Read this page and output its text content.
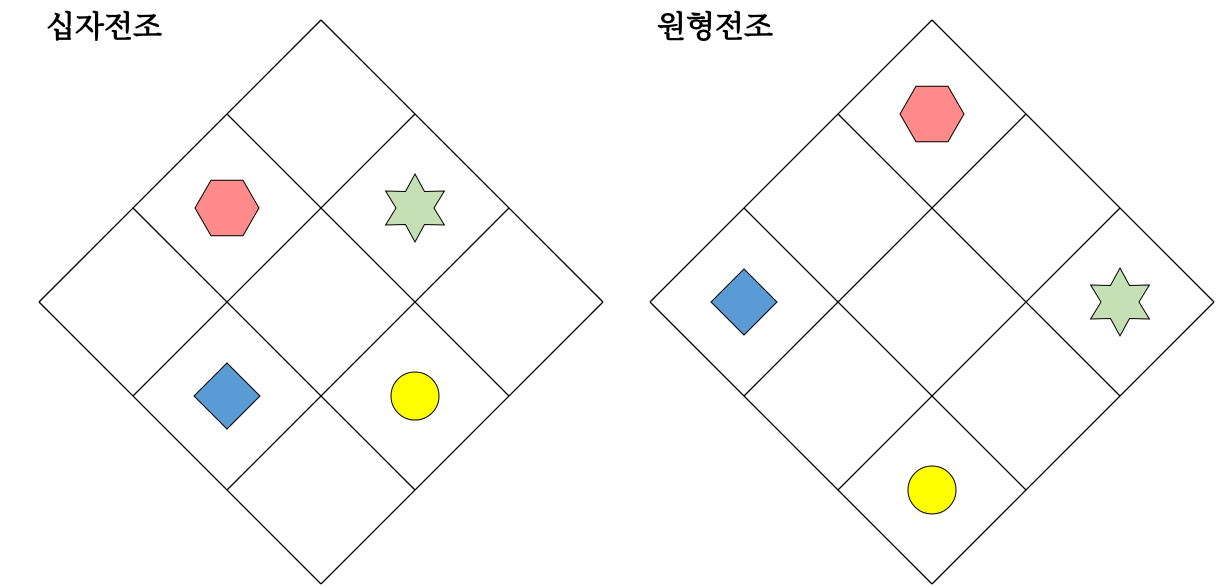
십자전조	원형전조
